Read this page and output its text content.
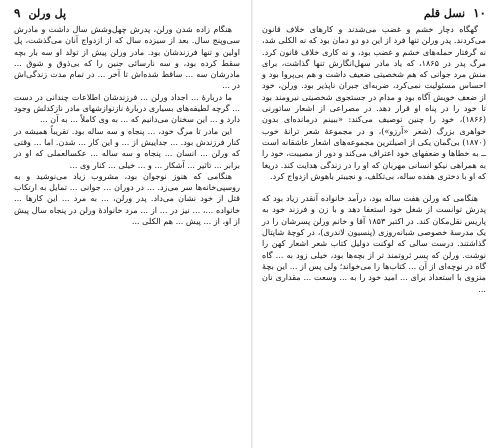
۱۰
نسل قلم

گهگاه دچار خشم و غضب می‌شدند و کارهای خلاف قانون می‌کردند. پدر ورلن تنها فرد از این دو دو دمان بود که نه الکلی شد، نه گرفتار حمله‌های خشم و غضب بود، و نه کاری خلاف قانون کرد. مرگ پدر در ۱۸۶۵، که یاد مادر سهل‌انگارش تنها گذاشت، برای منش مرد جوانی که هم شخصیتی ضعیف داشت و هم بی‌پروا بود و احساس مسئولیت نمی‌کرد، ضربه‌ای جبران ناپذیر بود. ورلن، خود از ضعف خویش آگاه بود و مدام در جستجوی شخصیتی نیرومند بود تا خود را در پناه او قرار دهد. در مصراعی از اشعار ساتورنی (۱۸۶۶)، خود را چنین توصیف می‌کند: «ببینم درمانده‌ای بدون خواهری بزرگ (شعر «آرزو»)، و در مجموعهٔ شعر ترانهٔ خوب (۱۸۷۰) بی‌گمان یکی از اصیلترین مجموعه‌های اشعار عاشقانه است ــ به خطاها و ضعفهای خود اعتراف می‌کند و دور از مصیبت، خود را به همراهی نیکو انسانی مهربان که او را در زندگی هدایت کند. دریغا که او با دختری هفده ساله، بی‌تکلف، و نجیبتر باهوش ازدواج کرد.

هنگامی که ورلن هفت ساله بود، درآمد خانواده آنقدر زیاد بود که پدرش توانست از شغل خود استعفا دهد و با زن و فرزند خود به پاریس نقل‌مکان کند. در اکتبر ۱۸۵۳ آقا و خانم ورلن پسرشان را در یک مدرسهٔ خصوصی شبانه‌روزی (پنسیون لاندری)، در کوچهٔ شاپتال گذاشتند. درست سالی که لوکنت دولیل کتاب شعر اشعار کهن را نوشت. ورلن که پسر ثروتمند تر از بچه‌ها بود، خیلی زود به ... گاه گاه در نوچه‌ای از آن ... کتاب‌ها را می‌خواند؛ ولی پس از ... این بچهٔ منزوی با استعداد برای ... امید خود را به ... وسعت ... مقداری نان ...

پل ورلن
۹

هنگام زاده شدن ورلن، پدرش چهل‌وشش سال داشت و مادرش سی‌وپنج سال. بعد از سیزده سال که از ازدواج آنان می‌گذشت، پل اولین و تنها فرزندشان بود. مادر ورلن پیش از تولد او سه بار بچه سقط کرده بود، و سه نارسائی جنین را که بی‌ذوق و شوق ... مادرشان سه ... ساقط شده‌اش تا آخر ... در تمام مدت زندگی‌اش در ...

ما دربارهٔ ... اجداد ورلن ... فرزندشان اطلاعات چندانی در دست ... گرچه لطیفه‌های بسیاری دربارهٔ نازنوازشهای مادر نازکدلش وجود دارد و ... این سخنان می‌دانیم که ... به وی کاملاً ... به آن ...

این مادر تا مرگ خود، ... پنجاه و سه ساله بود. تقریباً همیشه در کنار فرزندش بود. ... جداییش از ... و این کار ... شدن. اما ... وقتی که ورلن ... انسان ... پنجاه و سه ساله ... عکسالعملی که او در برابر ... تاثیر ... آشکار ... و ... خیلی ... کنار وی ...

هنگامی که هنوز نوجوان بود، مشروب زیاد می‌نوشید و به روسپی‌خانه‌ها سر می‌زد. ... در دوران ... جوانی ... تمایل به ارتکاب قتل از خود نشان می‌داد. پدر ورلن، ... به مرد ... این کارها ... خانواده ...، ... نیز در ... از ... مرد خانوادهٔ ورلن در پنجاه سال پیش از او، از ... پیش ... هم الکلی ...
